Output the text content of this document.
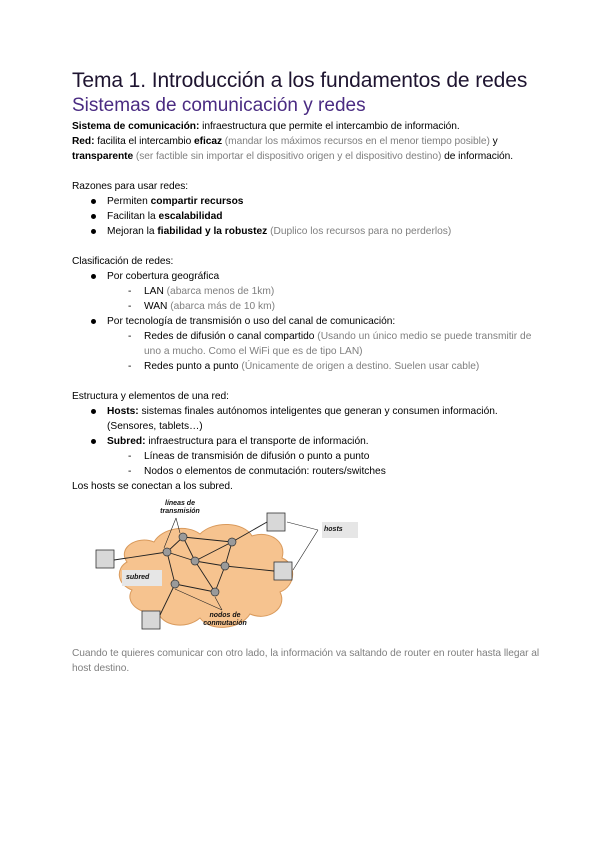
Tema 1. Introducción a los fundamentos de redes
Sistemas de comunicación y redes

Sistema de comunicación: infraestructura que permite el intercambio de información.

Red: facilita el intercambio eficaz (mandar los máximos recursos en el menor tiempo posible) y transparente (ser factible sin importar el dispositivo origen y el dispositivo destino) de información.

Razones para usar redes:

Permiten compartir recursos
Facilitan la escalabilidad
Mejoran la fiabilidad y la robustez (Duplico los recursos para no perderlos)

Clasificación de redes:

Por cobertura geográfica
- LAN (abarca menos de 1km)
- WAN (abarca más de 10 km)
Por tecnología de transmisión o uso del canal de comunicación:
- Redes de difusión o canal compartido (Usando un único medio se puede transmitir de uno a mucho. Como el WiFi que es de tipo LAN)
- Redes punto a punto (Únicamente de origen a destino. Suelen usar cable)

Estructura y elementos de una red:

Hosts: sistemas finales autónomos inteligentes que generan y consumen información. (Sensores, tablets…)
Subred: infraestructura para el transporte de información.
- Líneas de transmisión de difusión o punto a punto
- Nodos o elementos de conmutación: routers/switches

Los hosts se conectan a los subred.

líneas de transmisión
hosts
subred
nodos de conmutación

Cuando te quieres comunicar con otro lado, la información va saltando de router en router hasta llegar al host destino.
